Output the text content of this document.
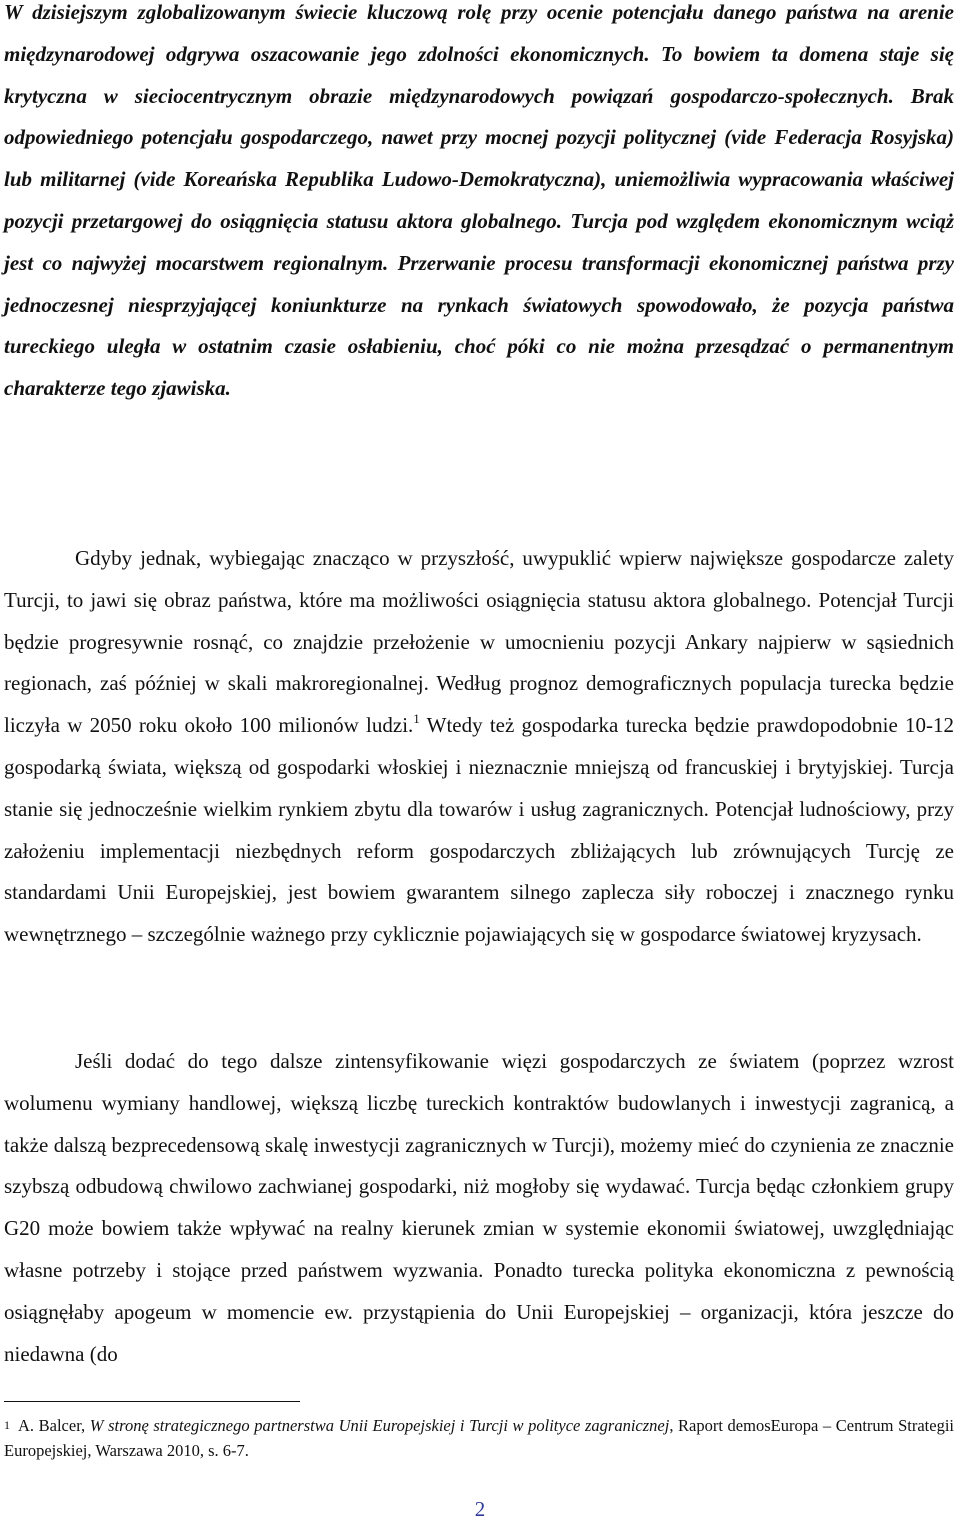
W dzisiejszym zglobalizowanym świecie kluczową rolę przy ocenie potencjału danego państwa na arenie międzynarodowej odgrywa oszacowanie jego zdolności ekonomicznych. To bowiem ta domena staje się krytyczna w sieciocentrycznym obrazie międzynarodowych powiązań gospodarczo-społecznych. Brak odpowiedniego potencjału gospodarczego, nawet przy mocnej pozycji politycznej (vide Federacja Rosyjska) lub militarnej (vide Koreańska Republika Ludowo-Demokratyczna), uniemożliwia wypracowania właściwej pozycji przetargowej do osiągnięcia statusu aktora globalnego. Turcja pod względem ekonomicznym wciąż jest co najwyżej mocarstwem regionalnym. Przerwanie procesu transformacji ekonomicznej państwa przy jednoczesnej niesprzyjającej koniunkturze na rynkach światowych spowodowało, że pozycja państwa tureckiego uległa w ostatnim czasie osłabieniu, choć póki co nie można przesądzać o permanentnym charakterze tego zjawiska.

Gdyby jednak, wybiegając znacząco w przyszłość, uwypuklić wpierw największe gospodarcze zalety Turcji, to jawi się obraz państwa, które ma możliwości osiągnięcia statusu aktora globalnego. Potencjał Turcji będzie progresywnie rosnąć, co znajdzie przełożenie w umocnieniu pozycji Ankary najpierw w sąsiednich regionach, zaś później w skali makroregionalnej. Według prognoz demograficznych populacja turecka będzie liczyła w 2050 roku około 100 milionów ludzi.$^1$ Wtedy też gospodarka turecka będzie prawdopodobnie 10-12 gospodarką świata, większą od gospodarki włoskiej i nieznacznie mniejszą od francuskiej i brytyjskiej. Turcja stanie się jednocześnie wielkim rynkiem zbytu dla towarów i usług zagranicznych. Potencjał ludnościowy, przy założeniu implementacji niezbędnych reform gospodarczych zbliżających lub zrównujących Turcję ze standardami Unii Europejskiej, jest bowiem gwarantem silnego zaplecza siły roboczej i znacznego rynku wewnętrznego – szczególnie ważnego przy cyklicznie pojawiających się w gospodarce światowej kryzysach.

Jeśli dodać do tego dalsze zintensyfikowanie więzi gospodarczych ze światem (poprzez wzrost wolumenu wymiany handlowej, większą liczbę tureckich kontraktów budowlanych i inwestycji zagranicą, a także dalszą bezprecedensową skalę inwestycji zagranicznych w Turcji), możemy mieć do czynienia ze znacznie szybszą odbudową chwilowo zachwianej gospodarki, niż mogłoby się wydawać. Turcja będąc członkiem grupy G20 może bowiem także wpływać na realny kierunek zmian w systemie ekonomii światowej, uwzględniając własne potrzeby i stojące przed państwem wyzwania. Ponadto turecka polityka ekonomiczna z pewnością osiągnęłaby apogeum w momencie ew. przystąpienia do Unii Europejskiej – organizacji, która jeszcze do niedawna (do

1 A. Balcer, W stronę strategicznego partnerstwa Unii Europejskiej i Turcji w polityce zagranicznej, Raport demosEuropa – Centrum Strategii Europejskiej, Warszawa 2010, s. 6-7.
2
